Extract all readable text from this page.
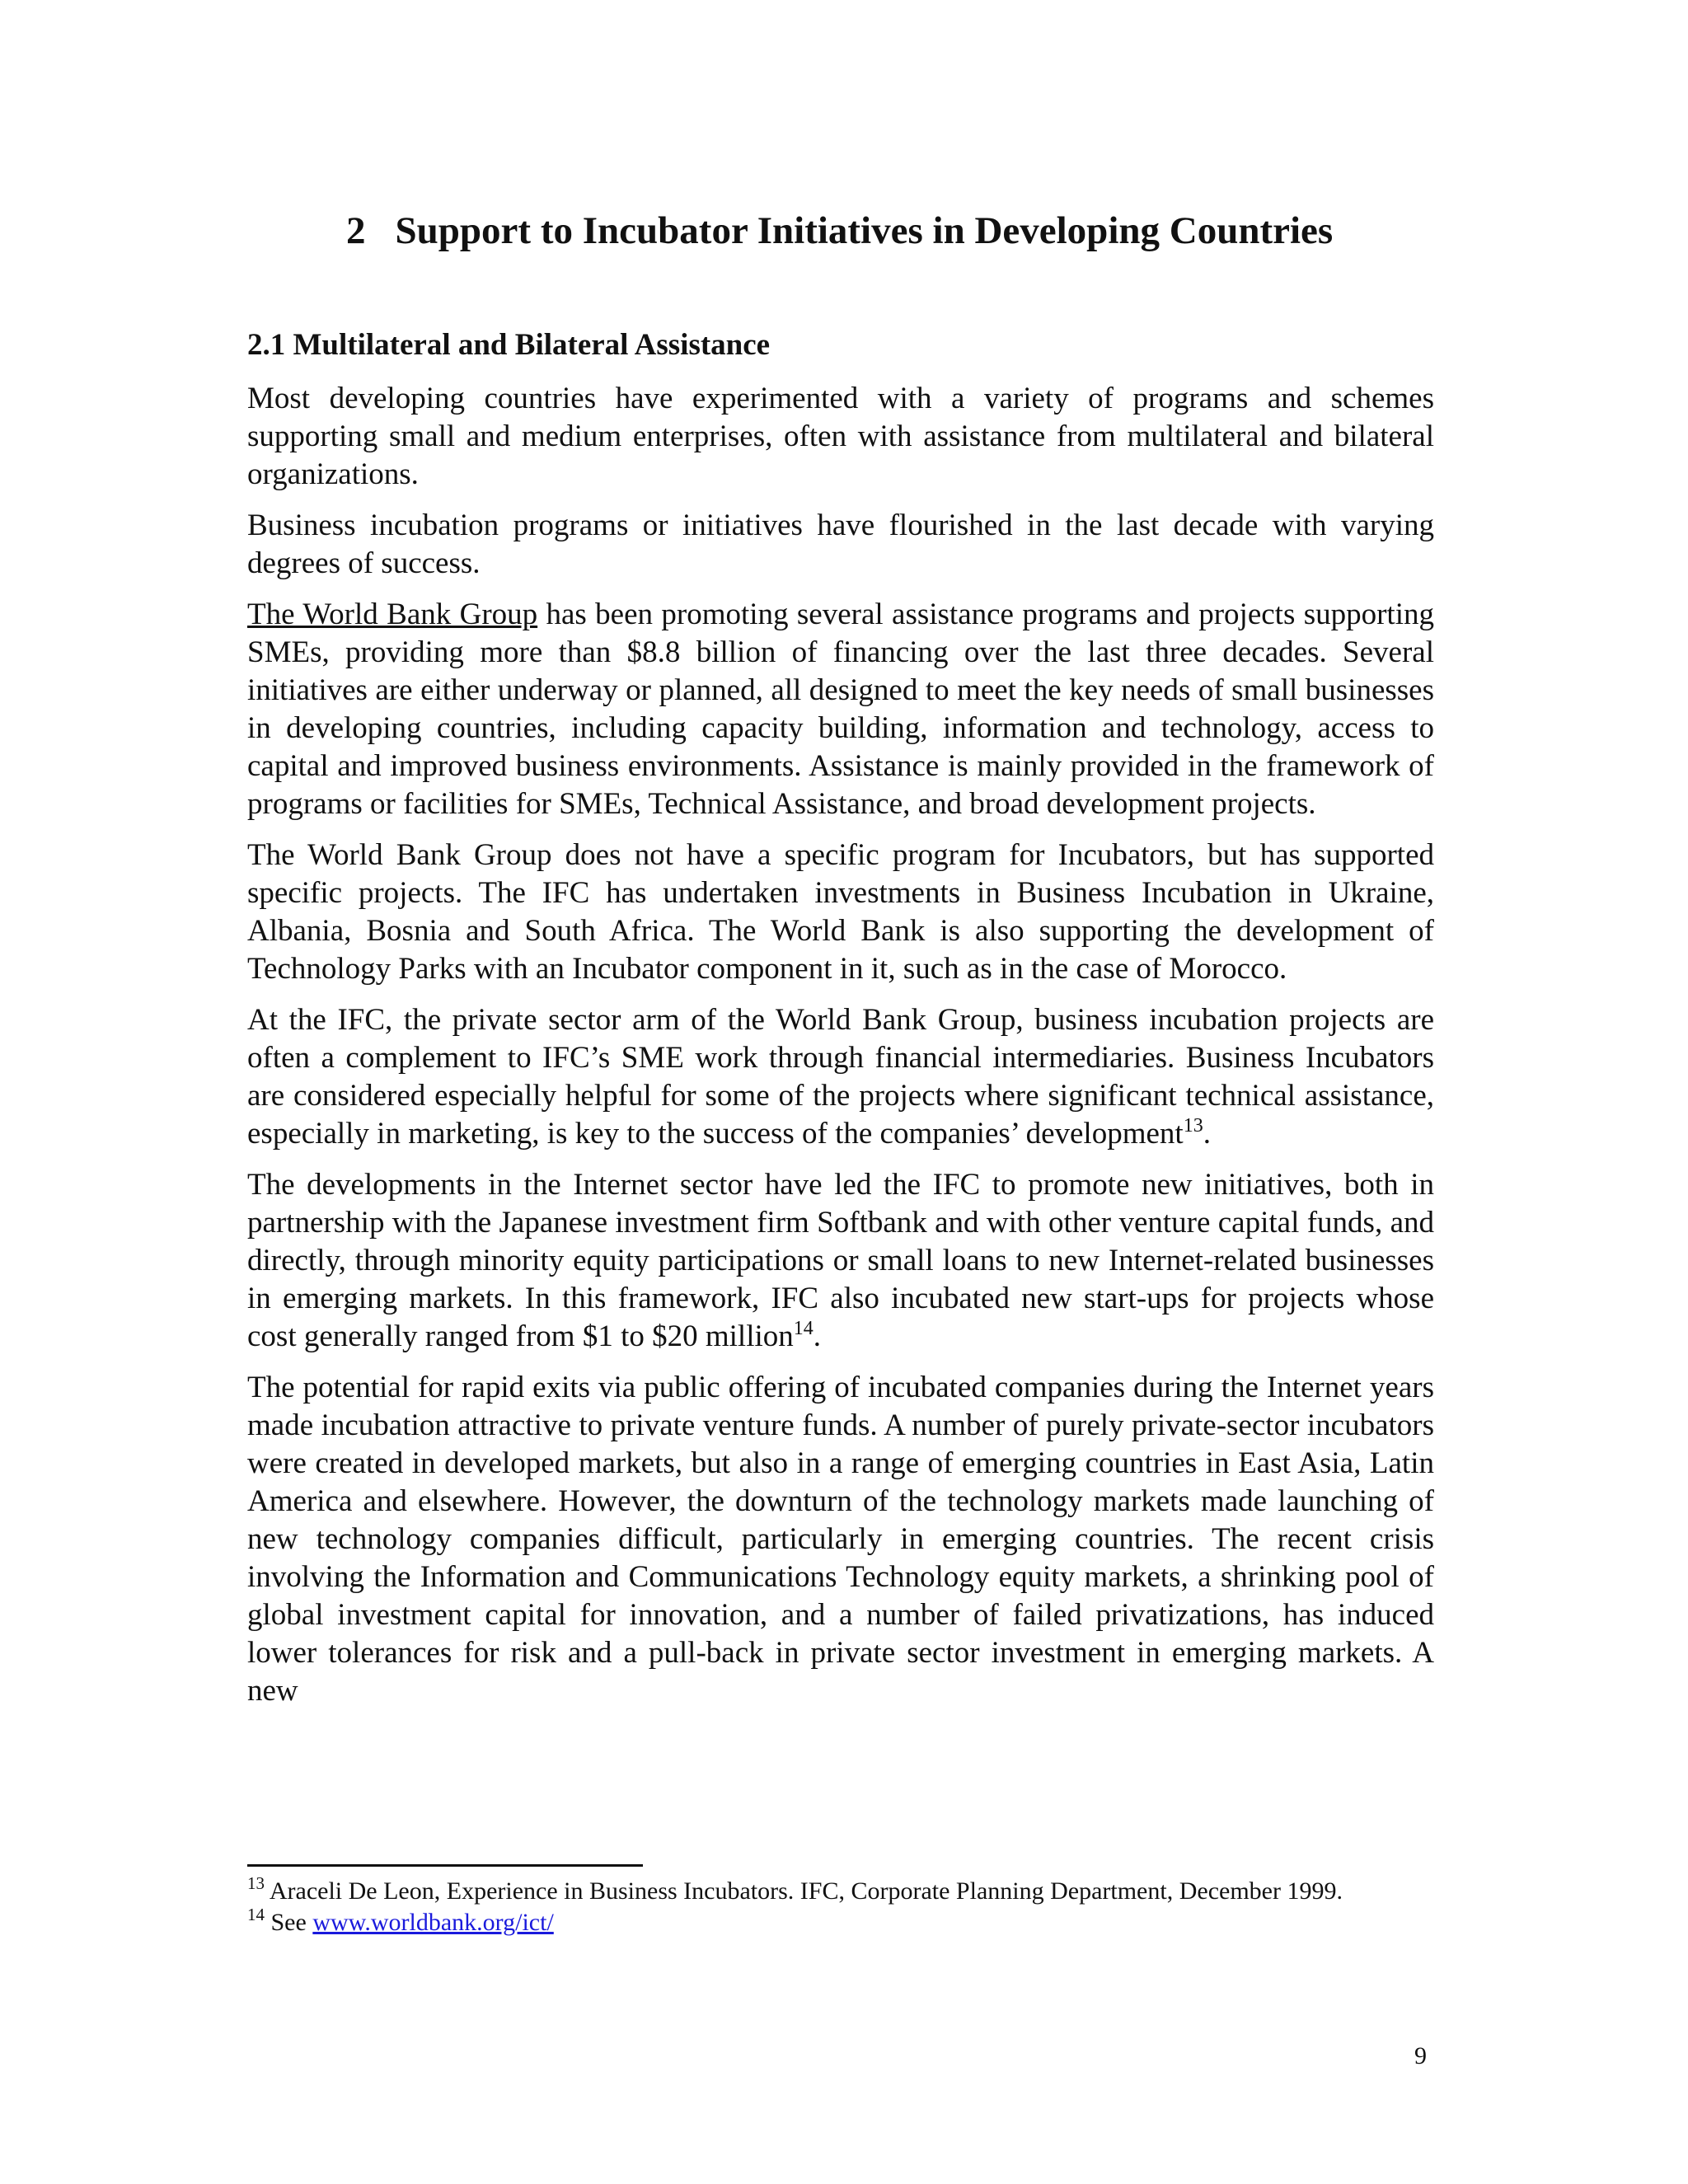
2 Support to Incubator Initiatives in Developing Countries
2.1 Multilateral and Bilateral Assistance

Most developing countries have experimented with a variety of programs and schemes supporting small and medium enterprises, often with assistance from multilateral and bilateral organizations.

Business incubation programs or initiatives have flourished in the last decade with varying degrees of success.

The World Bank Group has been promoting several assistance programs and projects supporting SMEs, providing more than $8.8 billion of financing over the last three decades. Several initiatives are either underway or planned, all designed to meet the key needs of small businesses in developing countries, including capacity building, information and technology, access to capital and improved business environments. Assistance is mainly provided in the framework of programs or facilities for SMEs, Technical Assistance, and broad development projects.

The World Bank Group does not have a specific program for Incubators, but has supported specific projects. The IFC has undertaken investments in Business Incubation in Ukraine, Albania, Bosnia and South Africa. The World Bank is also supporting the development of Technology Parks with an Incubator component in it, such as in the case of Morocco.

At the IFC, the private sector arm of the World Bank Group, business incubation projects are often a complement to IFC’s SME work through financial intermediaries. Business Incubators are considered especially helpful for some of the projects where significant technical assistance, especially in marketing, is key to the success of the companies’ development$^{13}$.

The developments in the Internet sector have led the IFC to promote new initiatives, both in partnership with the Japanese investment firm Softbank and with other venture capital funds, and directly, through minority equity participations or small loans to new Internet-related businesses in emerging markets. In this framework, IFC also incubated new start-ups for projects whose cost generally ranged from $1 to $20 million$^{14}$.

The potential for rapid exits via public offering of incubated companies during the Internet years made incubation attractive to private venture funds. A number of purely private-sector incubators were created in developed markets, but also in a range of emerging countries in East Asia, Latin America and elsewhere. However, the downturn of the technology markets made launching of new technology companies difficult, particularly in emerging countries. The recent crisis involving the Information and Communications Technology equity markets, a shrinking pool of global investment capital for innovation, and a number of failed privatizations, has induced lower tolerances for risk and a pull-back in private sector investment in emerging markets. A new

$^{13}$ Araceli De Leon, Experience in Business Incubators. IFC, Corporate Planning Department, December 1999.

$^{14}$ See www.worldbank.org/ict/

9
